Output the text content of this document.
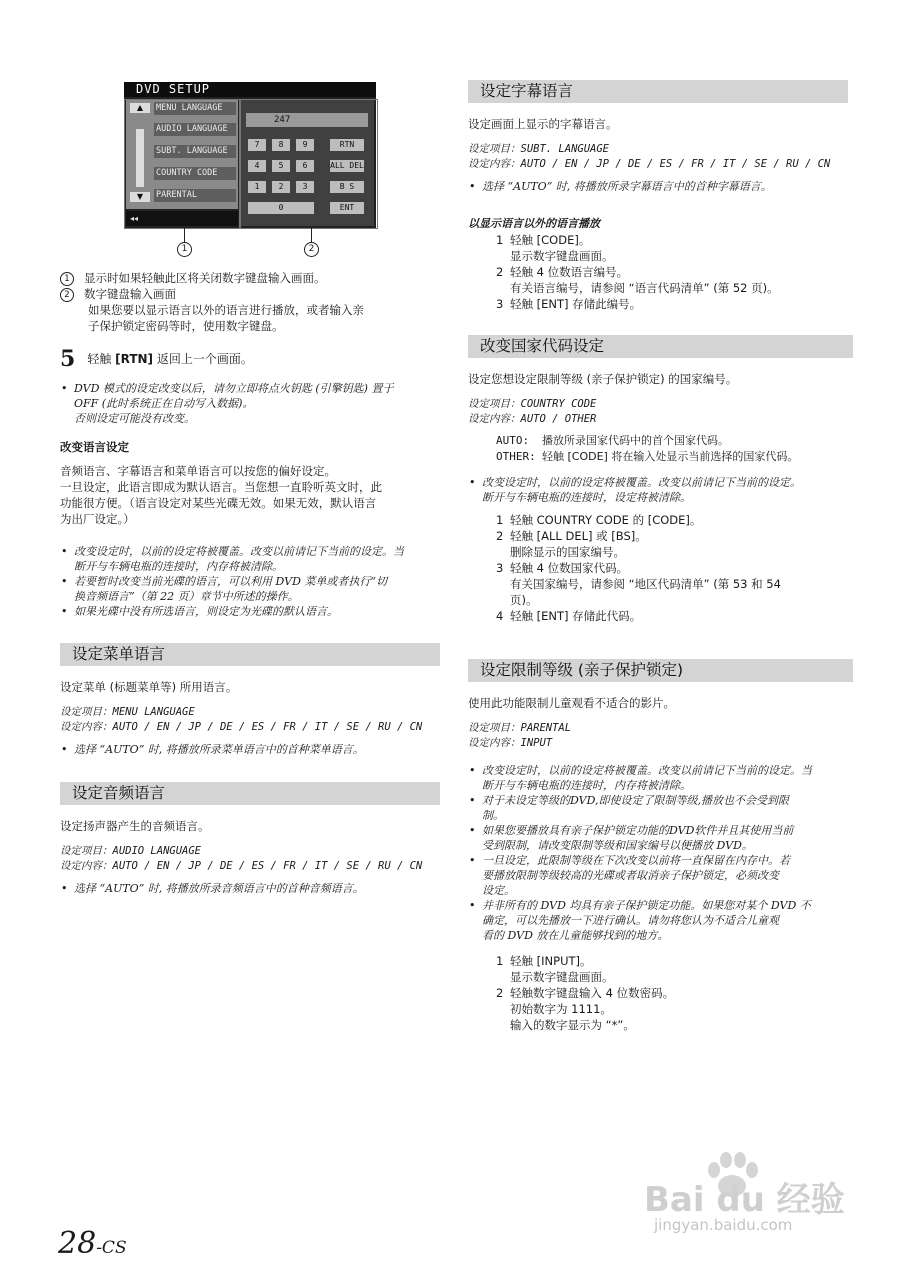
DVD SETUP
▲
▼
MENU LANGUAGE
AUDIO LANGUAGE
SUBT. LANGUAGE
COUNTRY CODE
PARENTAL
◂◂
247
7	8	9	RTN
4	5	6	ALL DEL
1	2	3	B S
0	ENT
1	2

1 显示时如果轻触此区将关闭数字键盘输入画面。

2 数字键盘输入画面

如果您要以显示语言以外的语言进行播放，或者输入亲

子保护锁定密码等时，使用数字键盘。

5 轻触 [RTN] 返回上一个画面。

• DVD 模式的设定改变以后，请勿立即将点火钥匙 (引擎钥匙) 置于

OFF (此时系统正在自动写入数据)。

否则设定可能没有改变。

改变语言设定

音频语言、字幕语言和菜单语言可以按您的偏好设定。

一旦设定，此语言即成为默认语言。当您想一直聆听英文时，此

功能很方便。（语言设定对某些光碟无效。如果无效，默认语言

为出厂设定。）

• 改变设定时，以前的设定将被覆盖。改变以前请记下当前的设定。当

断开与车辆电瓶的连接时，内存将被清除。

• 若要暂时改变当前光碟的语言，可以利用 DVD 菜单或者执行“切

换音频语言”（第 22 页）章节中所述的操作。

• 如果光碟中没有所选语言，则设定为光碟的默认语言。

设定菜单语言

设定菜单 (标题菜单等) 所用语言。

设定项目：MENU LANGUAGE

设定内容：AUTO / EN / JP / DE / ES / FR / IT / SE / RU / CN

• 选择 “AUTO” 时, 将播放所录菜单语言中的首种菜单语言。

设定音频语言

设定扬声器产生的音频语言。

设定项目：AUDIO LANGUAGE

设定内容：AUTO / EN / JP / DE / ES / FR / IT / SE / RU / CN

• 选择 “AUTO” 时, 将播放所录音频语言中的首种音频语言。

28-CS
设定字幕语言

设定画面上显示的字幕语言。

设定项目：SUBT. LANGUAGE

设定内容：AUTO / EN / JP / DE / ES / FR / IT / SE / RU / CN

• 选择 “AUTO” 时, 将播放所录字幕语言中的首种字幕语言。

以显示语言以外的语言播放

1 轻触 [CODE]。

显示数字键盘画面。

2 轻触 4 位数语言编号。

有关语言编号，请参阅 “语言代码清单” (第 52 页)。

3 轻触 [ENT] 存储此编号。

改变国家代码设定

设定您想设定限制等级 (亲子保护锁定) 的国家编号。

设定项目：COUNTRY CODE

设定内容：AUTO / OTHER

AUTO: 播放所录国家代码中的首个国家代码。

OTHER: 轻触 [CODE] 将在输入处显示当前选择的国家代码。

• 改变设定时，以前的设定将被覆盖。改变以前请记下当前的设定。

断开与车辆电瓶的连接时，设定将被清除。

1 轻触 COUNTRY CODE 的 [CODE]。

2 轻触 [ALL DEL] 或 [BS]。

删除显示的国家编号。

3 轻触 4 位数国家代码。

有关国家编号，请参阅 “地区代码清单” (第 53 和 54

页)。

4 轻触 [ENT] 存储此代码。

设定限制等级 (亲子保护锁定)

使用此功能限制儿童观看不适合的影片。

设定项目：PARENTAL

设定内容：INPUT

• 改变设定时，以前的设定将被覆盖。改变以前请记下当前的设定。当

断开与车辆电瓶的连接时，内存将被清除。

• 对于未设定等级的DVD,即使设定了限制等级,播放也不会受到限

制。

• 如果您要播放具有亲子保护锁定功能的DVD软件并且其使用当前

受到限制，请改变限制等级和国家编号以便播放 DVD。

• 一旦设定，此限制等级在下次改变以前将一直保留在内存中。若

要播放限制等级较高的光碟或者取消亲子保护锁定，必须改变

设定。

• 并非所有的 DVD 均具有亲子保护锁定功能。如果您对某个 DVD 不

确定，可以先播放一下进行确认。请勿将您认为不适合儿童观

看的 DVD 放在儿童能够找到的地方。

1 轻触 [INPUT]。

显示数字键盘画面。

2 轻触数字键盘输入 4 位数密码。

初始数字为 1111。

输入的数字显示为 “*”。

Bai du 经验
jingyan.baidu.com
